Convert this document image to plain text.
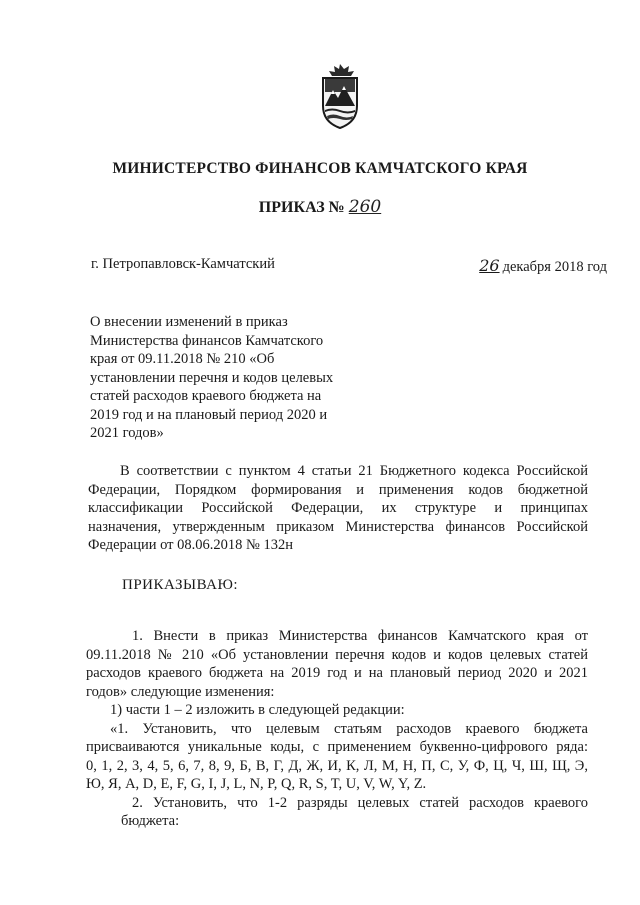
МИНИСТЕРСТВО ФИНАНСОВ КАМЧАТСКОГО КРАЯ
ПРИКАЗ № 260
г. Петропавловск-Камчатский	26 декабря 2018 год
О внесении изменений в приказ
Министерства финансов Камчатского
края от 09.11.2018 № 210 «Об
установлении перечня и кодов целевых
статей расходов краевого бюджета на
2019 год и на плановый период 2020 и
2021 годов»
В соответствии с пунктом 4 статьи 21 Бюджетного кодекса Российской
Федерации, Порядком формирования и применения кодов бюджетной
классификации Российской Федерации, их структуре и принципах
назначения, утвержденным приказом Министерства финансов Российской
Федерации от 08.06.2018 № 132н
ПРИКАЗЫВАЮ:
1. Внести в приказ Министерства финансов Камчатского края от
09.11.2018 № 210 «Об установлении перечня кодов и кодов целевых статей
расходов краевого бюджета на 2019 год и на плановый период 2020 и 2021
годов» следующие изменения:
1) части 1 – 2 изложить в следующей редакции:
«1. Установить, что целевым статьям расходов краевого бюджета
присваиваются уникальные коды, с применением буквенно-цифрового ряда:
0, 1, 2, 3, 4, 5, 6, 7, 8, 9, Б, В, Г, Д, Ж, И, К, Л, М, Н, П, С, У, Ф, Ц, Ч, Ш, Щ, Э,
Ю, Я, A, D, E, F, G, I, J, L, N, P, Q, R, S, T, U, V, W, Y, Z.
2. Установить, что 1-2 разряды целевых статей расходов краевого
бюджета:
